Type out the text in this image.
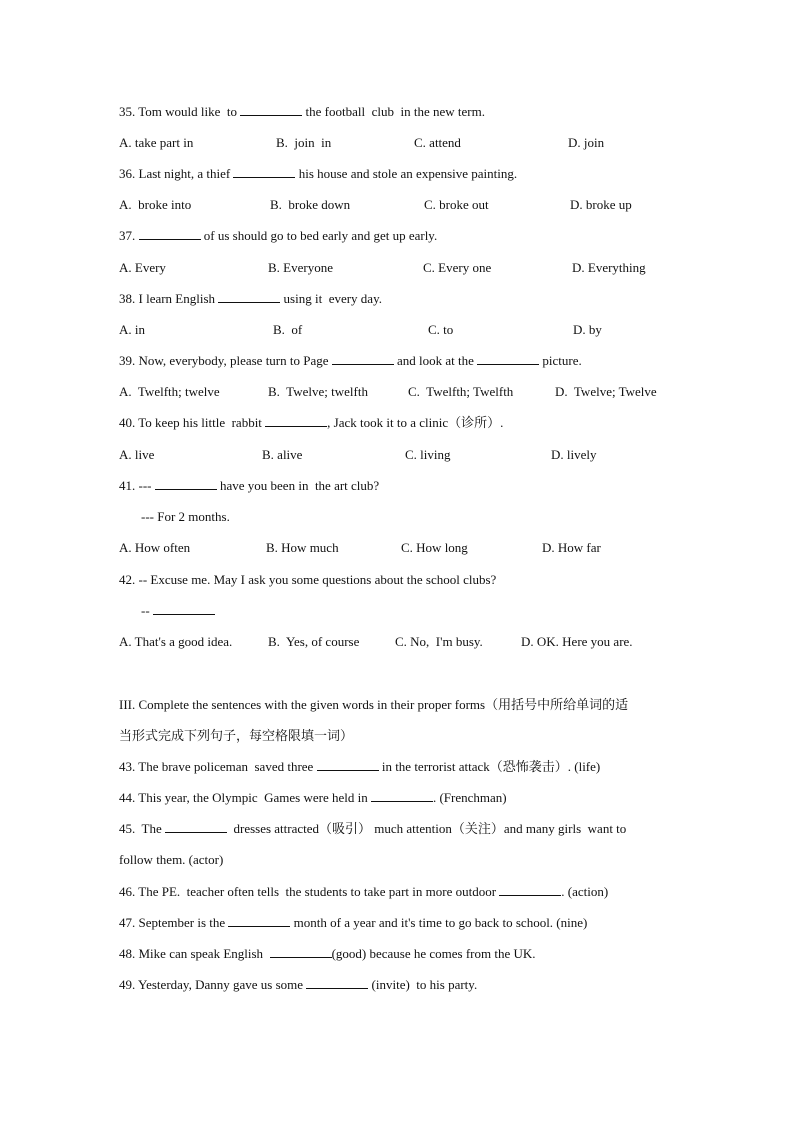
35. Tom would like  to	the football  club  in the new term.
A. take part in	B.  join  in	C. attend	D. join
36. Last night, a thief	his house and stole an expensive painting.
A.  broke into	B.  broke down	C. broke out	D. broke up
37.	of us should go to bed early and get up early.
A. Every	B. Everyone	C. Every one	D. Everything
38. I learn English	using it  every day.
A. in	B.  of	C. to	D. by
39. Now, everybody, please turn to Page	and look at the	picture.
A.  Twelfth; twelve	B.  Twelve; twelfth	C.  Twelfth; Twelfth	D.  Twelve; Twelve
40. To keep his little  rabbit	, Jack took it to a clinic（诊所）.
A. live	B. alive	C. living	D. lively
41. ---	have you been in  the art club?
--- For 2 months.
A. How often	B. How much	C. How long	D. How far
42. -- Excuse me. May I ask you some questions about the school clubs?
--
A. That's a good idea.	B.  Yes, of course	C. No,  I'm busy.	D. OK. Here you are.
III. Complete the sentences with the given words in their proper forms（用括号中所给单词的适
当形式完成下列句子，每空格限填一词）
43. The brave policeman  saved three	in the terrorist attack（恐怖袭击）. (life)
44. This year, the Olympic  Games were held in	. (Frenchman)
45.  The	dresses attracted（吸引） much attention（关注）and many girls  want to
follow them. (actor)
46. The PE.  teacher often tells  the students to take part in more outdoor	. (action)
47. September is the	month of a year and it's time to go back to school. (nine)
48. Mike can speak English	(good) because he comes from the UK.
49. Yesterday, Danny gave us some	(invite)  to his party.
